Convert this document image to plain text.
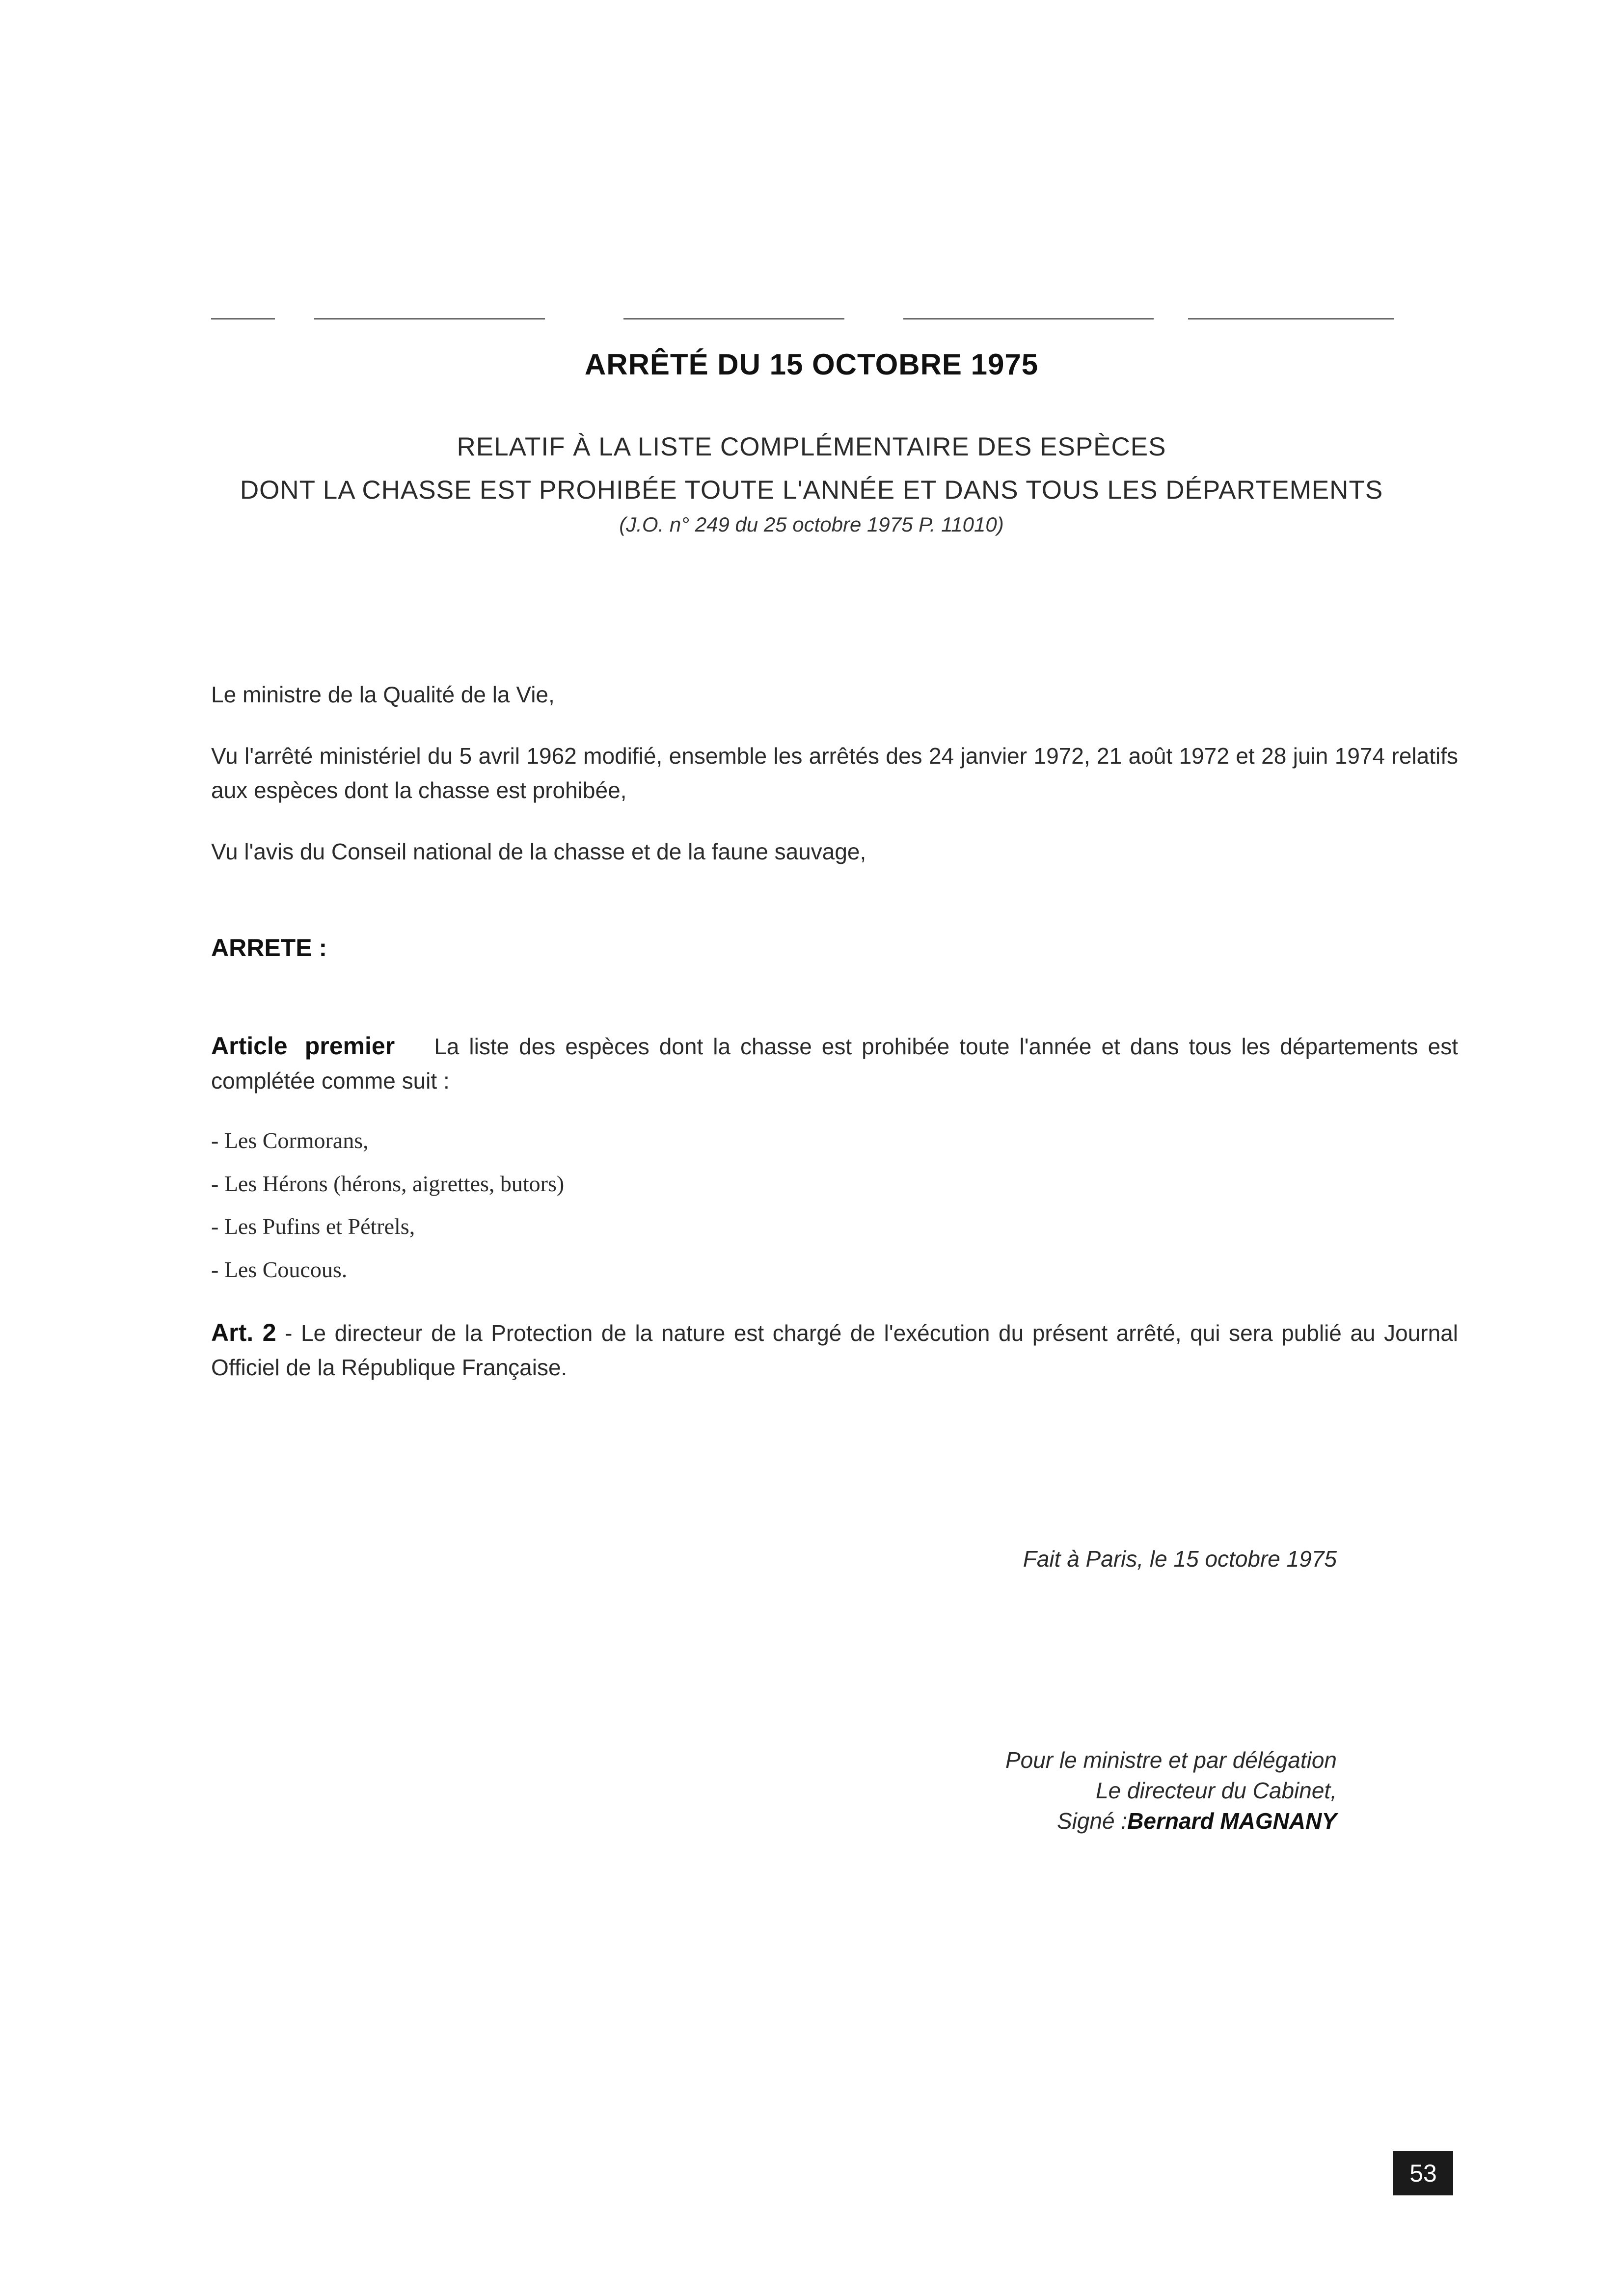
ARRÊTÉ DU 15 OCTOBRE 1975
RELATIF À LA LISTE COMPLÉMENTAIRE DES ESPÈCES
DONT LA CHASSE EST PROHIBÉE TOUTE L'ANNÉE ET DANS TOUS LES DÉPARTEMENTS
(J.O. n° 249 du 25 octobre 1975 P. 11010)
Le ministre de la Qualité de la Vie,
Vu l'arrêté ministériel du 5 avril 1962 modifié, ensemble les arrêtés des 24 janvier 1972, 21 août 1972 et 28 juin 1974 relatifs aux espèces dont la chasse est prohibée,
Vu l'avis du Conseil national de la chasse et de la faune sauvage,
ARRETE :
Article premier La liste des espèces dont la chasse est prohibée toute l'année et dans tous les départements est complétée comme suit :
- Les Cormorans,
- Les Hérons (hérons, aigrettes, butors)
- Les Pufins et Pétrels,
- Les Coucous.
Art. 2 - Le directeur de la Protection de la nature est chargé de l'exécution du présent arrêté, qui sera publié au Journal Officiel de la République Française.
Fait à Paris, le 15 octobre 1975
Pour le ministre et par délégation
Le directeur du Cabinet,
Signé :Bernard MAGNANY
53
